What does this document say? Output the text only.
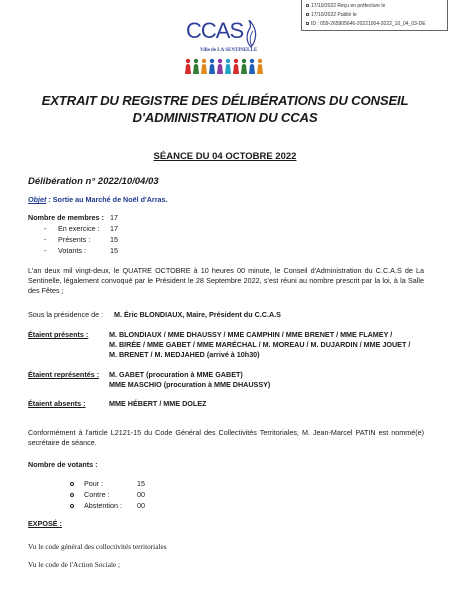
CCAS
Ville de LA SENTINELLE
17/10/2022 Reçu en préfecture le
17/10/2022 Publié le
ID : 059-265905646-20221004-2022_10_04_03-DE
EXTRAIT DU REGISTRE DES DÉLIBÉRATIONS DU CONSEIL
D'ADMINISTRATION DU CCAS
SÉANCE DU 04 OCTOBRE 2022
Délibération n° 2022/10/04/03
Objet : Sortie au Marché de Noël d'Arras.
Nombre de membres : 17
- En exercice : 17
- Présents :	15
- Votants :	15
L'an deux mil vingt-deux, le QUATRE OCTOBRE à 10 heures 00 minute, le Conseil d'Administration du C.C.A.S de La Sentinelle, légalement convoqué par le Président le 28 Septembre 2022, s'est réuni au nombre prescrit par la loi, à la Salle des Fêtes ;
Sous la présidence de : M. Éric BLONDIAUX, Maire, Président du C.C.A.S
Étaient présents :	M. BLONDIAUX / MME DHAUSSY / MME CAMPHIN / MME BRENET / MME FLAMEY /
M. BIRÉE / MME GABET / MME MARÉCHAL / M. MOREAU / M. DUJARDIN / MME JOUET /
M. BRENET / M. MEDJAHED (arrivé à 10h30)
Étaient représentés : M. GABET (procuration à MME GABET)
MME MASCHIO (procuration à MME DHAUSSY)
Étaient absents :	MME HÉBERT / MME DOLEZ
Conformément à l'article L2121-15 du Code Général des Collectivités Territoriales, M. Jean-Marcel PATIN est nommé(e) secrétaire de séance.
Nombre de votants :
Pour :	15
Contre :	00
Abstention : 00
EXPOSÉ :
Vu le code général des collectivités territoriales
Vu le code de l'Action Sociale ;
